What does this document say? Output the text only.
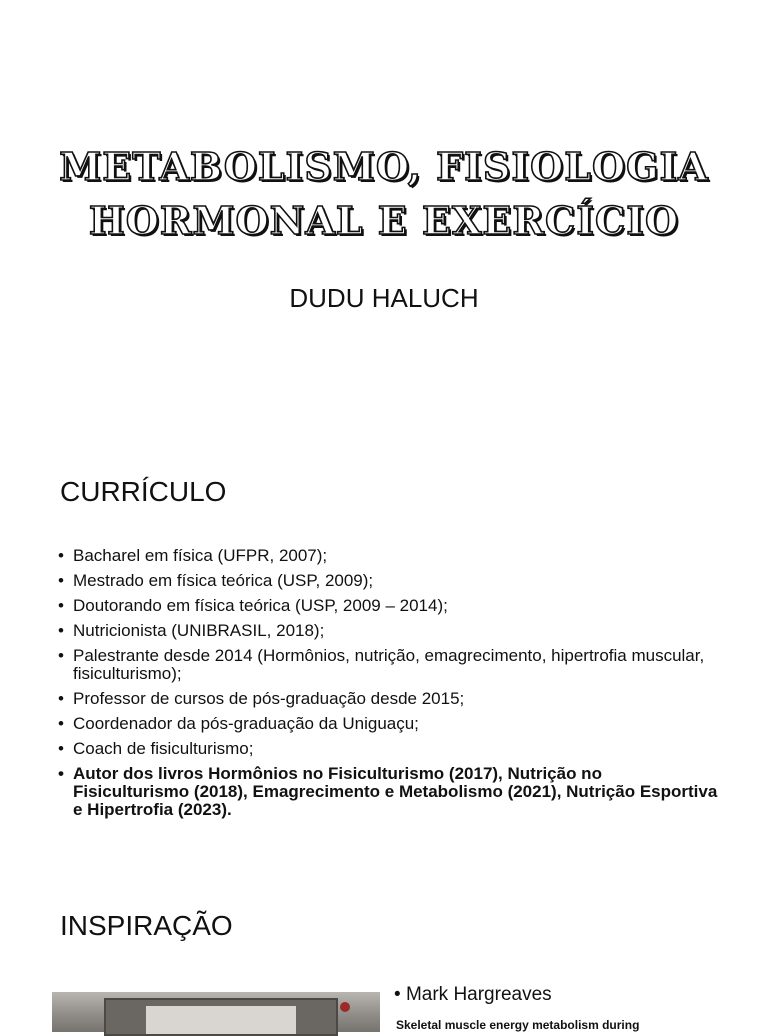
METABOLISMO, FISIOLOGIA
HORMONAL E EXERCÍCIO
DUDU HALUCH
CURRÍCULO
• Bacharel em física (UFPR, 2007);
• Mestrado em física teórica (USP, 2009);
• Doutorando em física teórica (USP, 2009 – 2014);
• Nutricionista (UNIBRASIL, 2018);
• Palestrante desde 2014 (Hormônios, nutrição, emagrecimento, hipertrofia muscular, fisiculturismo);
• Professor de cursos de pós-graduação desde 2015;
• Coordenador da pós-graduação da Uniguaçu;
• Coach de fisiculturismo;
• Autor dos livros Hormônios no Fisiculturismo (2017), Nutrição no Fisiculturismo (2018), Emagrecimento e Metabolismo (2021), Nutrição Esportiva e Hipertrofia (2023).
INSPIRAÇÃO
• Mark Hargreaves
Skeletal muscle energy metabolism during
